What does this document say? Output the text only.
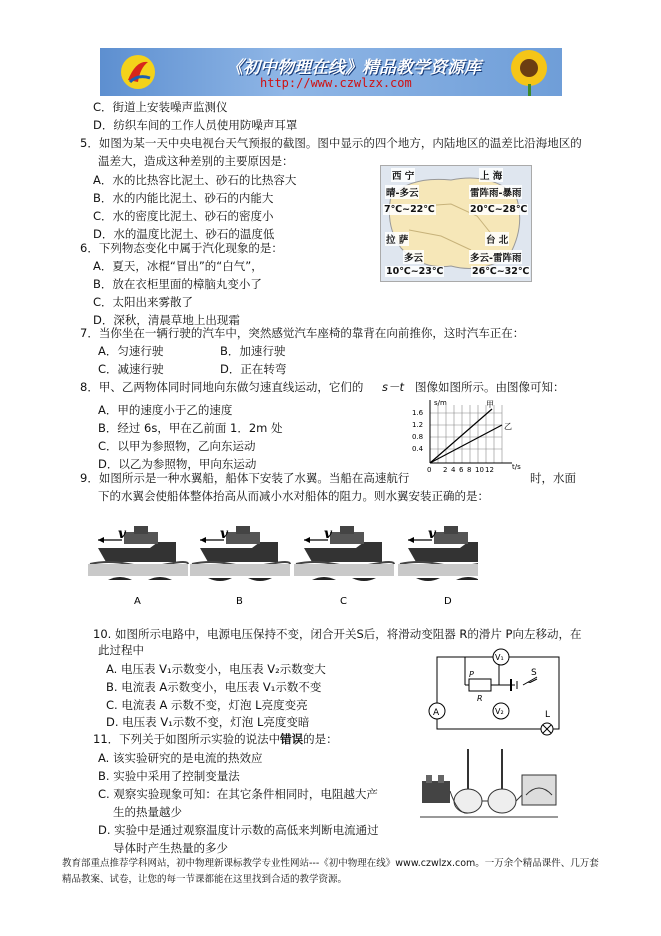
《初中物理在线》精品教学资源库
http://www.czwlzx.com
C．街道上安装噪声监测仪
D．纺织车间的工作人员使用防噪声耳罩
5．如图为某一天中央电视台天气预报的截图。图中显示的四个地方，内陆地区的温差比沿海地区的
温差大，造成这种差别的主要原因是：
A．水的比热容比泥土、砂石的比热容大
B．水的内能比泥土、砂石的内能大
C．水的密度比泥土、砂石的密度小
D．水的温度比泥土、砂石的温度低
西 宁
晴-多云
7℃~22℃
上 海
雷阵雨-暴雨
20℃~28℃
拉 萨
多云
10℃~23℃
台 北
多云-雷阵雨
26℃~32℃
6．下列物态变化中属于汽化现象的是：
A．夏天，冰棍“冒出”的“白气”，
B．放在衣柜里面的樟脑丸变小了
C．太阳出来雾散了
D．深秋，清晨草地上出现霜
7．当你坐在一辆行驶的汽车中，突然感觉汽车座椅的靠背在向前推你，这时汽车正在：
A．匀速行驶	B．加速行驶
C．减速行驶	D．正在转弯
8．甲、乙两物体同时同地向东做匀速直线运动，它们的 s－t 图像如图所示。由图像可知：
A．甲的速度小于乙的速度
B．经过 6s，甲在乙前面 1．2m 处
C．以甲为参照物，乙向东运动
D．以乙为参照物，甲向东运动
s/m
t/s
1.6
1.2
0.8
0.4
0 2 4 6 8 10 12
甲
乙
9．如图所示是一种水翼船，船体下安装了水翼。当船在高速航行	时，水面
下的水翼会使船体整体抬高从而减小水对船体的阻力。则水翼安装正确的是：
v	v	v	v
A	B	C	D
10. 如图所示电路中，电源电压保持不变，闭合开关S后，将滑动变阻器 R的滑片 P向左移动，在
此过程中
A. 电压表 V₁示数变小，电压表 V₂示数变大
B. 电流表 A示数变小，电压表 V₁示数不变
C. 电流表 A 示数不变，灯泡 L亮度变亮
D. 电压表 V₁示数不变，灯泡 L亮度变暗
V₁
V₂
A
S
P
R
L
11．下列关于如图所示实验的说法中错误的是：
A. 该实验研究的是电流的热效应
B. 实验中采用了控制变量法
C. 观察实验现象可知：在其它条件相同时，电阻越大产
生的热量越少
D. 实验中是通过观察温度计示数的高低来判断电流通过
导体时产生热量的多少
教育部重点推荐学科网站，初中物理新课标教学专业性网站---《初中物理在线》www.czwlzx.com。一万余个精品课件、几万套精品教案、试卷，让您的每一节课都能在这里找到合适的教学资源。
